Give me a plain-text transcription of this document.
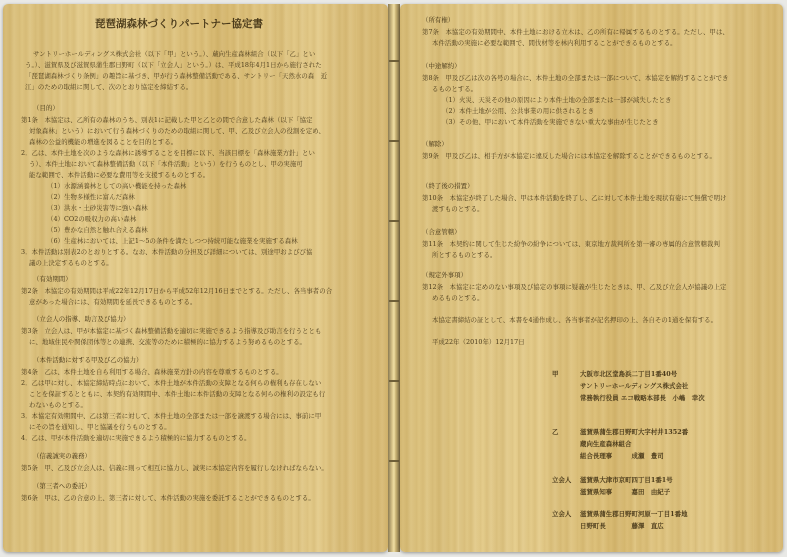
琵琶湖森林づくりパートナー協定書
サントリーホールディングス株式会社（以下「甲」という。）、蔵向生産森林組合（以下「乙」とい
う。）、滋賀県及び滋賀県蒲生郡日野町（以下「立会人」という。）は、平成18年4月1日から施行された
「琵琶湖森林づくり条例」の趣旨に基づき、甲が行う森林整備活動である、サントリー「天然水の森　近
江」のための取組に関して、次のとおり協定を締結する。
（目的）
第1条　本協定は、乙所有の森林のうち、別表1に記載した甲と乙との間で合意した森林（以下「協定
対象森林」という）において行う森林づくりのための取組に関して、甲、乙及び立会人の役割を定め、
森林の公益的機能の増進を図ることを目的とする。
2．乙は、本件土地を次のような森林に誘導することを目標に以下、当該目標を「森林施業方針」とい
う）、本件土地において森林整備活動（以下「本件活動」という）を行うものとし、甲の実施可
能な範囲で、本件活動に必要な費用等を支援するものとする。
（1）水源涵養林としての高い機能を持った森林
（2）生物多様性に富んだ森林
（3）洪水・土砂災害等に強い森林
（4）CO2の吸収力の高い森林
（5）豊かな自然と触れ合える森林
（6）生産林においては、上記1～5の条件を満たしつつ持続可能な施業を実施する森林
3．本件活動は別表2のとおりとする。なお、本件活動の分担及び詳細については、別途甲およびび協
議の上決定するものとする。
（有効期間）
第2条　本協定の有効期間は平成22年12月17日から平成52年12月16日までとする。ただし、各当事者の合
意があった場合には、有効期間を延長できるものとする。
（立会人の指導、助言及び協力）
第3条　立会人は、甲が本協定に基づく森林整備活動を適切に実施できるよう指導及び助言を行うととも
に、地域住民や関係団体等との連携、交流等のために積極的に協力するよう努めるものとする。
（本件活動に対する甲及び乙の協力）
第4条　乙は、本件土地を自ら利用する場合、森林施業方針の内容を尊重するものとする。
2．乙は甲に対し、本協定締結時点において、本件土地が本件活動の支障となる何らの権利も存在しない
ことを保証するとともに、本契約有効期間中、本件土地に本件活動の支障となる何らの権利の設定も行
わないものとする。
3．本協定有効期間中、乙は第三者に対して、本件土地の全部または一部を譲渡する場合には、事前に甲
にその旨を通知し、甲と協議を行うものとする。
4．乙は、甲が本件活動を適切に実施できるよう積極的に協力するものとする。
（信義誠実の義務）
第5条　甲、乙及び立会人は、信義に則って相互に協力し、誠実に本協定内容を履行しなければならない。
（第三者への委託）
第6条　甲は、乙の合意の上、第三者に対して、本件活動の実施を委託することができるものとする。
（所有権）
第7条　本協定の有効期間中、本件土地における立木は、乙の所有に帰属するものとする。ただし、甲は、
本件活動の実施に必要な範囲で、間伐材等を林内利用することができるものとする。
（中途解約）
第8条　甲及び乙は次の各号の場合に、本件土地の全部または一部について、本協定を解約することができ
るものとする。
（1）火災、天災その他の原因により本件土地の全部または一部が減失したとき
（2）本件土地が公用、公共事業の用に供されるとき
（3）その他、甲において本件活動を実施できない重大な事由が生じたとき
（解除）
第9条　甲及び乙は、相手方が本協定に違反した場合には本協定を解除することができるものとする。
（終了後の措置）
第10条　本協定が終了した場合、甲は本件活動を終了し、乙に対して本件土地を現状有姿にて無償で明け
渡すものとする。
（合意管轄）
第11条　本契約に関して生じた紛争の紛争については、東京地方裁判所を第一審の専属的合意管轄裁判
所とするものとする。
（規定外事項）
第12条　本協定に定めのない事項及び協定の事項に疑義が生じたときは、甲、乙及び立会人が協議の上定
めるものとする。
本協定書締結の証として、本書を4通作成し、各当事者が記名押印の上、各自その1通を保有する。
平成22年（2010年）12月17日
甲	大阪市北区堂島浜二丁目1番40号
サントリーホールディングス株式会社
常務執行役員 エコ戦略本部長　小嶋　幸次
乙	滋賀県蒲生郡日野町大字村井1352番
蔵向生産森林組合
組合長理事　　　成瀬　豊司
立会人 滋賀県大津市京町四丁目1番1号
滋賀県知事　　　嘉田　由紀子
立会人 滋賀県蒲生郡日野町河原一丁目1番地
日野町長　　　　藤澤　直広
